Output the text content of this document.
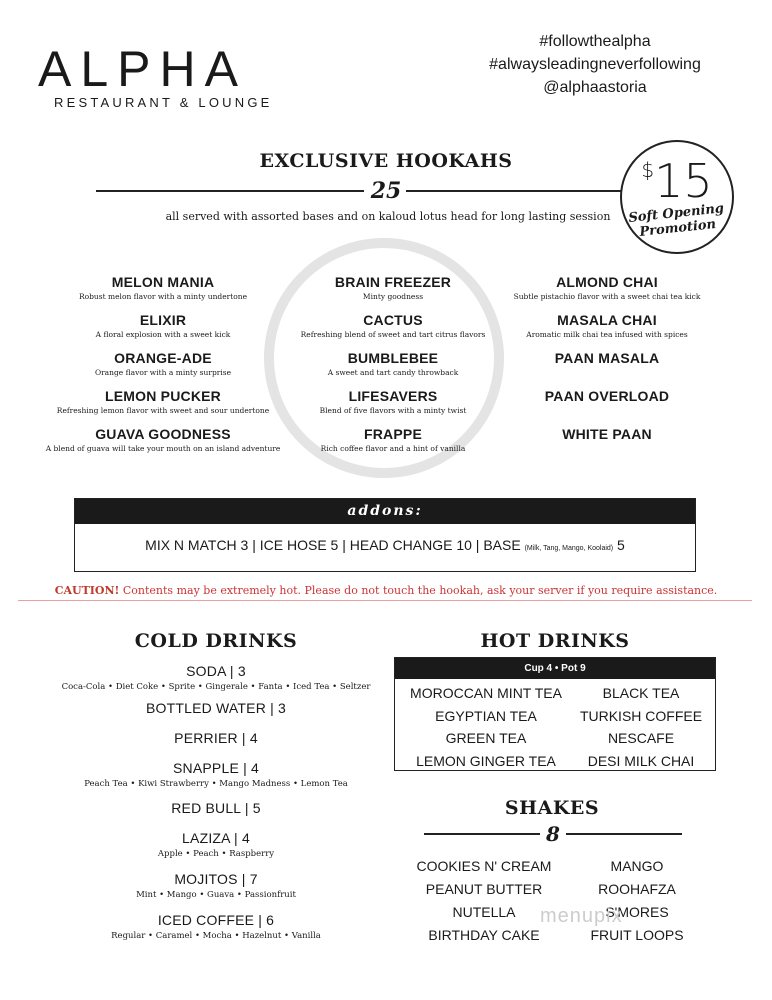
ALPHA
RESTAURANT & LOUNGE
#followthealpha
#alwaysleadingneverfollowing
@alphaastoria
EXCLUSIVE HOOKAHS
25
all served with assorted bases and on kaloud lotus head for long lasting session
$15
Soft Opening Promotion
MELON MANIA
Robust melon flavor with a minty undertone
ELIXIR
A floral explosion with a sweet kick
ORANGE-ADE
Orange flavor with a minty surprise
LEMON PUCKER
Refreshing lemon flavor with sweet and sour undertone
GUAVA GOODNESS
A blend of guava will take your mouth on an island adventure
BRAIN FREEZER
Minty goodness
CACTUS
Refreshing blend of sweet and tart citrus flavors
BUMBLEBEE
A sweet and tart candy throwback
LIFESAVERS
Blend of five flavors with a minty twist
FRAPPE
Rich coffee flavor and a hint of vanilla
ALMOND CHAI
Subtle pistachio flavor with a sweet chai tea kick
MASALA CHAI
Aromatic milk chai tea infused with spices
PAAN MASALA
PAAN OVERLOAD
WHITE PAAN
addons:
MIX N MATCH 3 | ICE HOSE 5 | HEAD CHANGE 10 | BASE (Milk, Tang, Mango, Koolaid) 5
CAUTION! Contents may be extremely hot. Please do not touch the hookah, ask your server if you require assistance.
COLD DRINKS
SODA | 3
Coca-Cola • Diet Coke • Sprite • Gingerale • Fanta • Iced Tea • Seltzer
BOTTLED WATER | 3
PERRIER | 4
SNAPPLE | 4
Peach Tea • Kiwi Strawberry • Mango Madness • Lemon Tea
RED BULL | 5
LAZIZA | 4
Apple • Peach • Raspberry
MOJITOS | 7
Mint • Mango • Guava • Passionfruit
ICED COFFEE | 6
Regular • Caramel • Mocha • Hazelnut • Vanilla
HOT DRINKS
Cup 4 • Pot 9
MOROCCAN MINT TEA
EGYPTIAN TEA
GREEN TEA
LEMON GINGER TEA
BLACK TEA
TURKISH COFFEE
NESCAFE
DESI MILK CHAI
SHAKES
8
COOKIES N' CREAM
PEANUT BUTTER
NUTELLA
BIRTHDAY CAKE
MANGO
ROOHAFZA
S'MORES
FRUIT LOOPS
menupix
